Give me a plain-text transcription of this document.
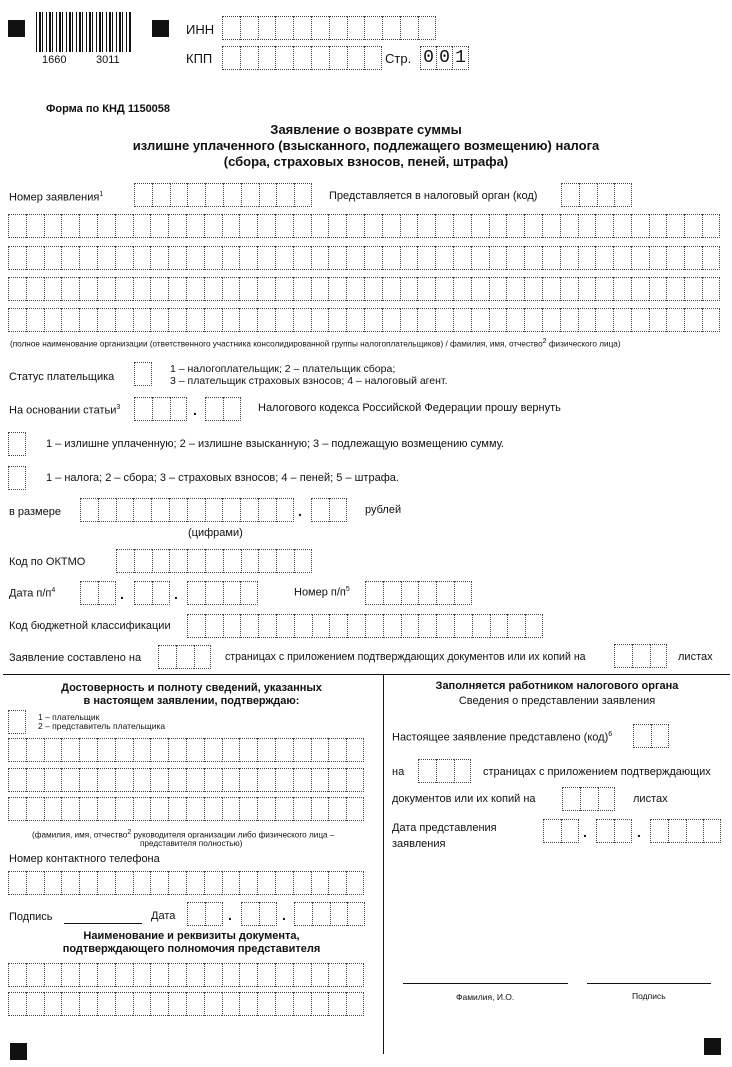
1660	3011
ИНН
КПП	Стр. 0 0 1
Форма по КНД 1150058
Заявление о возврате суммы
излишне уплаченного (взысканного, подлежащего возмещению) налога
(сбора, страховых взносов, пеней, штрафа)
Номер заявления$^1$	Представляется в налоговый орган (код)
(полное наименование организации (ответственного участника консолидированной группы налогоплательщиков) / фамилия, имя, отчество$^2$ физического лица)
Статус плательщика
1 – налогоплательщик; 2 – плательщик сбора;
3 – плательщик страховых взносов; 4 – налоговый агент.
На основании статьи$^3$	.	Налогового кодекса Российской Федерации прошу вернуть
1 – излишне уплаченную; 2 – излишне взысканную; 3 – подлежащую возмещению сумму.
1 – налога; 2 – сбора; 3 – страховых взносов; 4 – пеней; 5 – штрафа.
в размере	.	рублей
(цифрами)
Код по ОКТМО
Дата $п/п^4$	.	.	Номер $п/п^5$
Код бюджетной классификации
Заявление составлено на	страницах с приложением подтверждающих документов или их копий на	листах
Достоверность и полноту сведений, указанных
в настоящем заявлении, подтверждаю:
1 – плательщик
2 – представитель плательщика
(фамилия, имя, отчество$^2$ руководителя организации либо физического лица –
представителя полностью)
Номер контактного телефона
Подпись	Дата	.	.
Наименование и реквизиты документа,
подтверждающего полномочия представителя
Заполняется работником налогового органа
Сведения о представлении заявления
Настоящее заявление представлено (код)$^6$
на	страницах с приложением подтверждающих
документов или их копий на	листах
Дата представления
заявления
.	.
Фамилия, И.О.	Подпись
